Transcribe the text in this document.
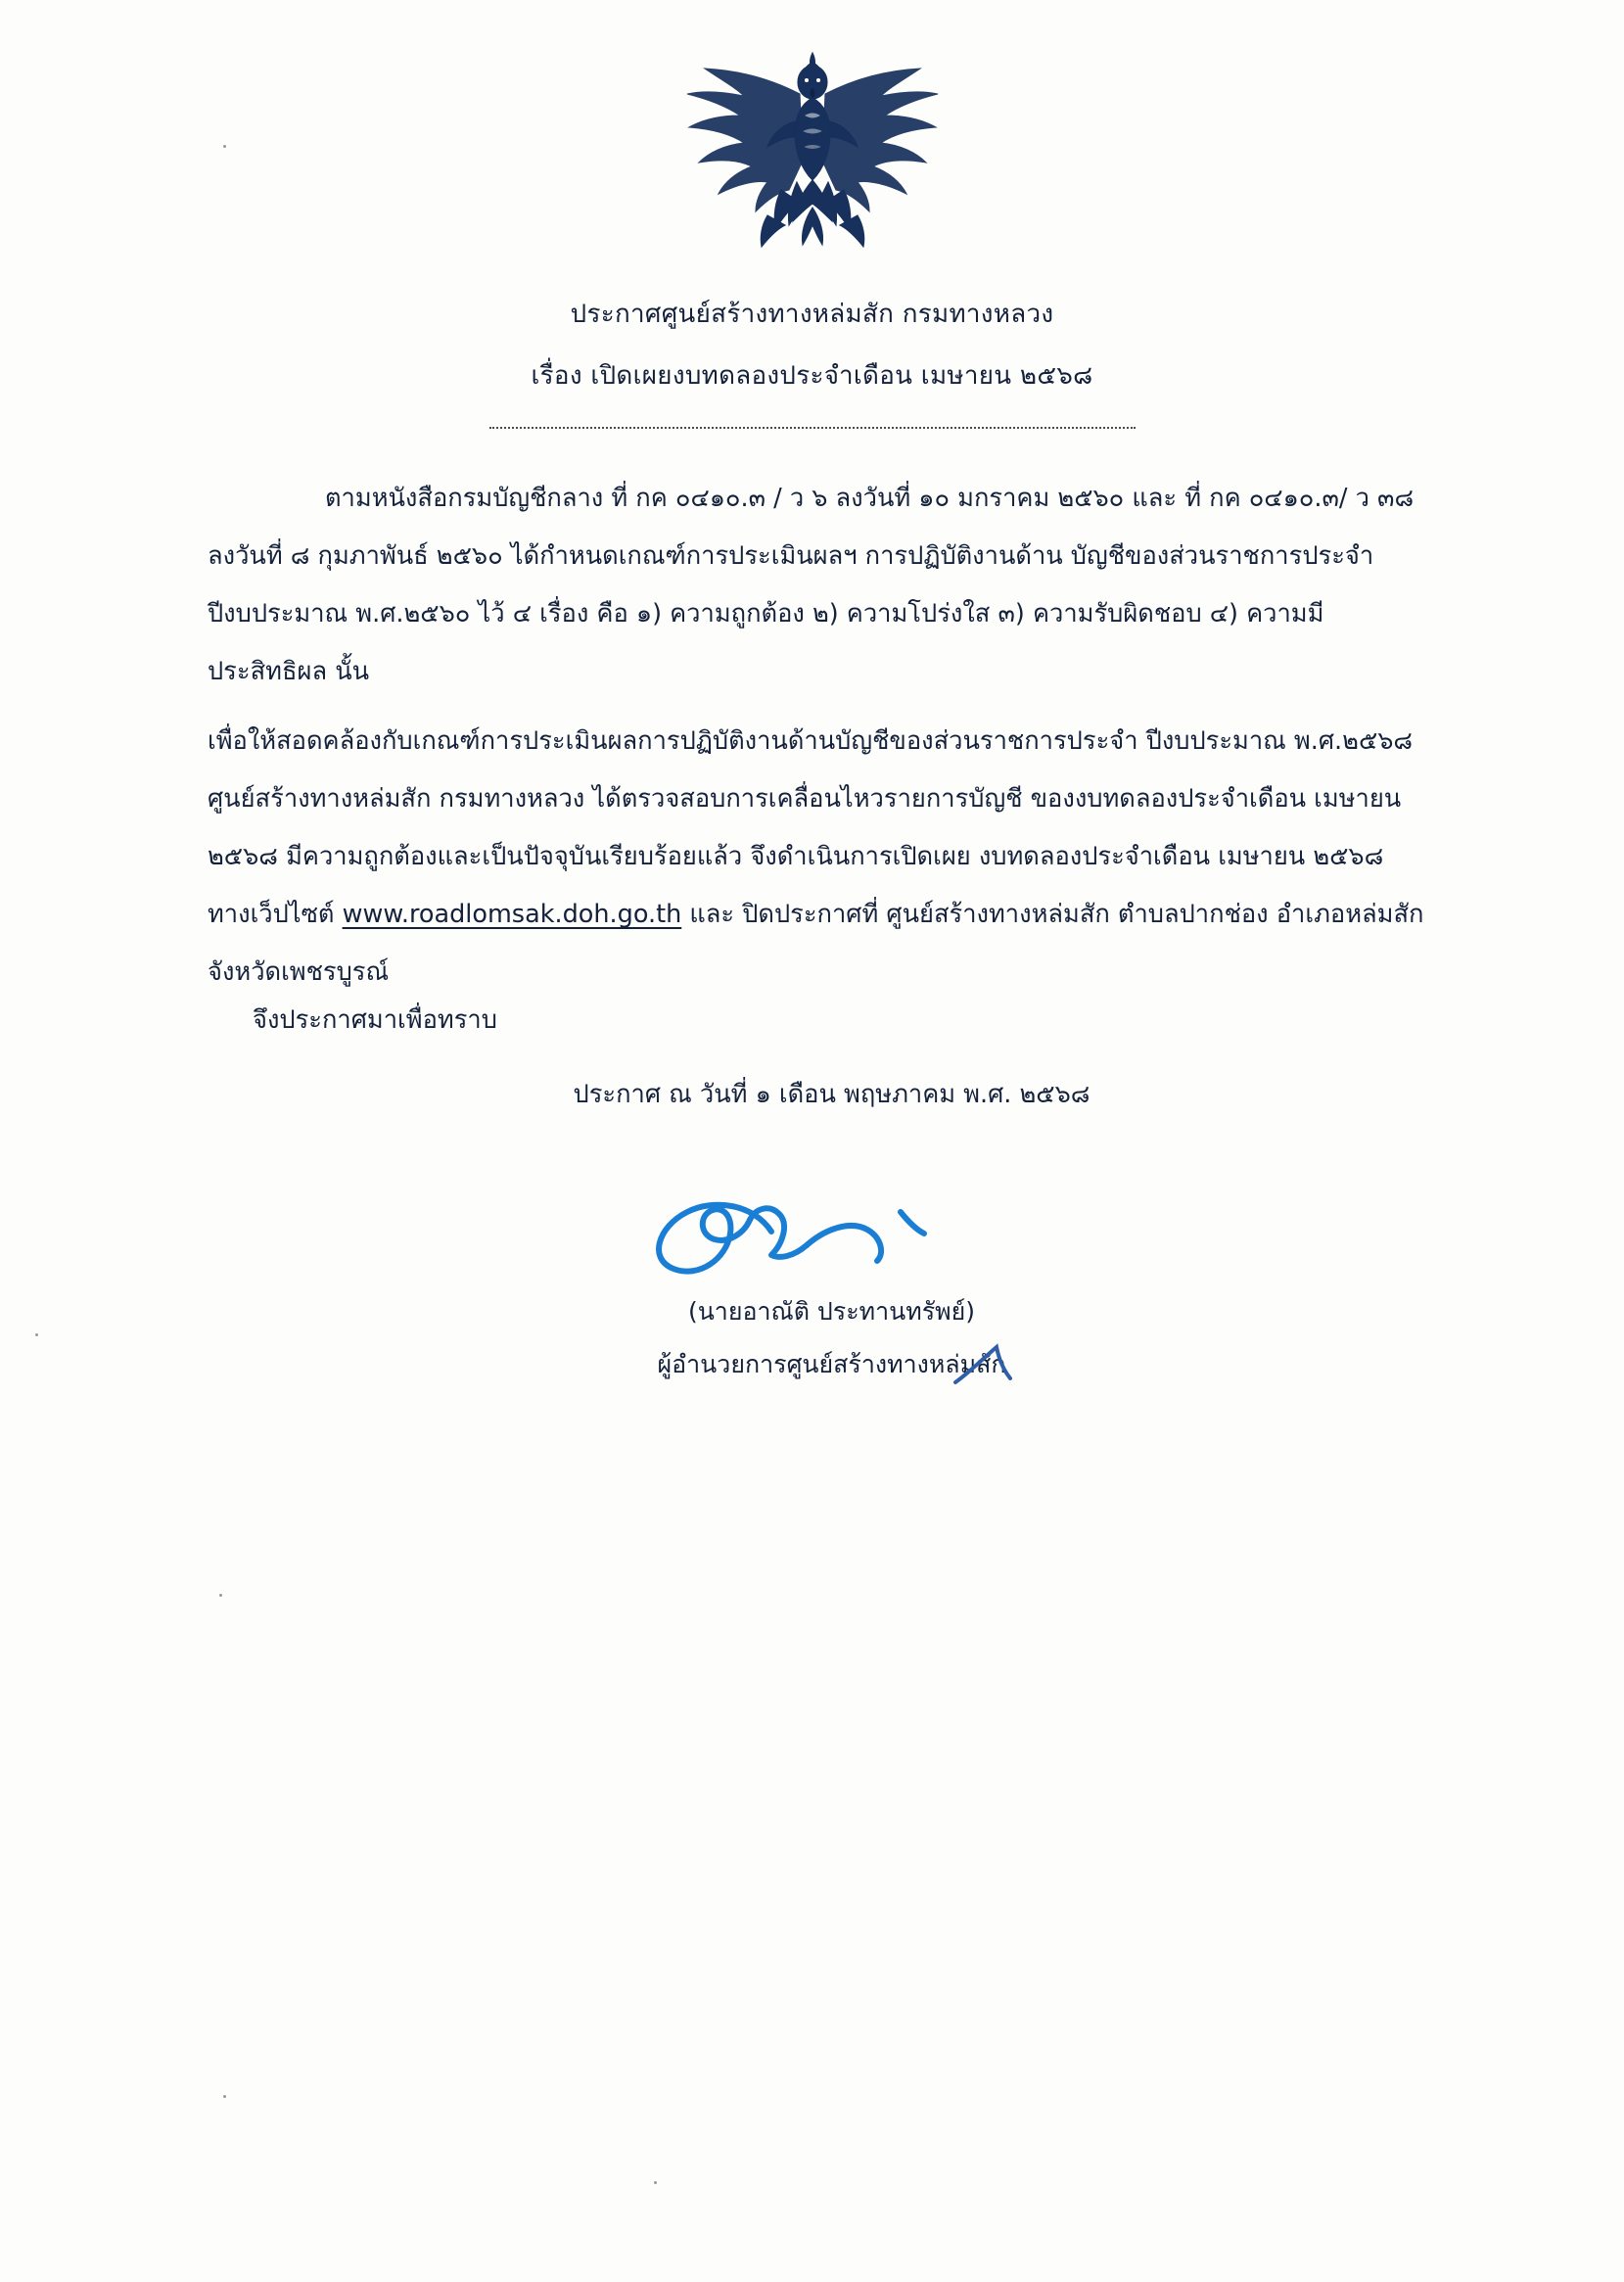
ประกาศศูนย์สร้างทางหล่มสัก กรมทางหลวง
เรื่อง เปิดเผยงบทดลองประจำเดือน เมษายน ๒๕๖๘

ตามหนังสือกรมบัญชีกลาง ที่ กค ๐๔๑๐.๓ / ว ๖ ลงวันที่ ๑๐ มกราคม ๒๕๖๐ และ ที่ กค ๐๔๑๐.๓/ ว ๓๘ ลงวันที่ ๘ กุมภาพันธ์ ๒๕๖๐ ได้กำหนดเกณฑ์การประเมินผลฯ การปฏิบัติงานด้าน บัญชีของส่วนราชการประจำปีงบประมาณ พ.ศ.๒๕๖๐ ไว้ ๔ เรื่อง คือ ๑) ความถูกต้อง ๒) ความโปร่งใส ๓) ความรับผิดชอบ ๔) ความมีประสิทธิผล นั้น

เพื่อให้สอดคล้องกับเกณฑ์การประเมินผลการปฏิบัติงานด้านบัญชีของส่วนราชการประจำ ปีงบประมาณ พ.ศ.๒๕๖๘ ศูนย์สร้างทางหล่มสัก กรมทางหลวง ได้ตรวจสอบการเคลื่อนไหวรายการบัญชี ของงบทดลองประจำเดือน เมษายน ๒๕๖๘ มีความถูกต้องและเป็นปัจจุบันเรียบร้อยแล้ว จึงดำเนินการเปิดเผย งบทดลองประจำเดือน เมษายน ๒๕๖๘ ทางเว็ปไซต์ www.roadlomsak.doh.go.th และ ปิดประกาศที่ ศูนย์สร้างทางหล่มสัก ตำบลปากช่อง อำเภอหล่มสัก จังหวัดเพชรบูรณ์

จึงประกาศมาเพื่อทราบ
ประกาศ ณ วันที่ ๑ เดือน พฤษภาคม พ.ศ. ๒๕๖๘
(นายอาณัติ ประทานทรัพย์)
ผู้อำนวยการศูนย์สร้างทางหล่มสัก
